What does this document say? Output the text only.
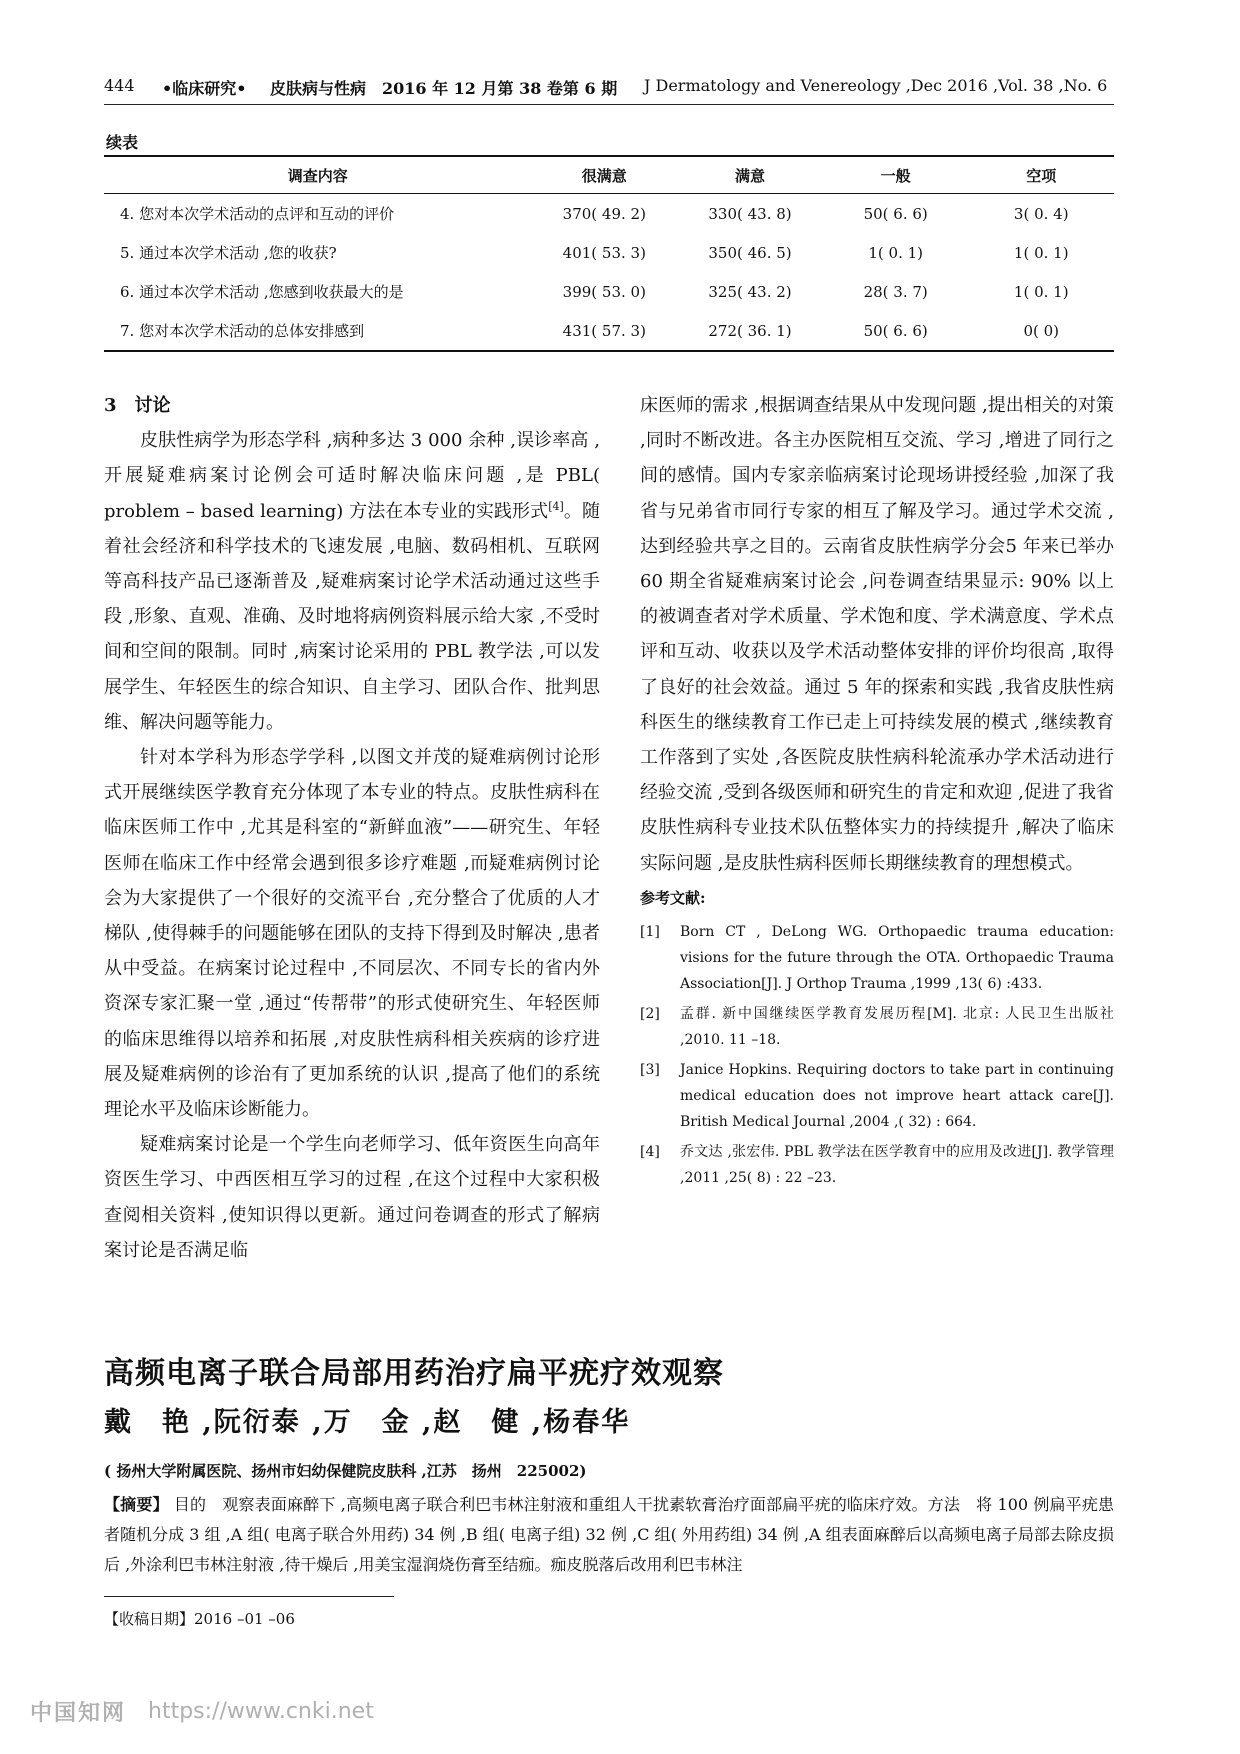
444 •临床研究• 皮肤病与性病　2016 年 12 月第 38 卷第 6 期 J Dermatology and Venereology ,Dec 2016 ,Vol. 38 ,No. 6
续表
调查内容	很满意	满意	一般	空项
4. 您对本次学术活动的点评和互动的评价	370( 49. 2)	330( 43. 8)	50( 6. 6)	3( 0. 4)
5. 通过本次学术活动 ,您的收获?	401( 53. 3)	350( 46. 5)	1( 0. 1)	1( 0. 1)
6. 通过本次学术活动 ,您感到收获最大的是	399( 53. 0)	325( 43. 2)	28( 3. 7)	1( 0. 1)
7. 您对本次学术活动的总体安排感到	431( 57. 3)	272( 36. 1)	50( 6. 6)	0( 0)

3　讨论

皮肤性病学为形态学科 ,病种多达 3 000 余种 ,误诊率高 ,开展疑难病案讨论例会可适时解决临床问题 ,是 PBL( problem – based learning) 方法在本专业的实践形式[4]。随着社会经济和科学技术的飞速发展 ,电脑、数码相机、互联网等高科技产品已逐渐普及 ,疑难病案讨论学术活动通过这些手段 ,形象、直观、准确、及时地将病例资料展示给大家 ,不受时间和空间的限制。同时 ,病案讨论采用的 PBL 教学法 ,可以发展学生、年轻医生的综合知识、自主学习、团队合作、批判思维、解决问题等能力。

针对本学科为形态学学科 ,以图文并茂的疑难病例讨论形式开展继续医学教育充分体现了本专业的特点。皮肤性病科在临床医师工作中 ,尤其是科室的“新鲜血液”——研究生、年轻医师在临床工作中经常会遇到很多诊疗难题 ,而疑难病例讨论会为大家提供了一个很好的交流平台 ,充分整合了优质的人才梯队 ,使得棘手的问题能够在团队的支持下得到及时解决 ,患者从中受益。在病案讨论过程中 ,不同层次、不同专长的省内外资深专家汇聚一堂 ,通过“传帮带”的形式使研究生、年轻医师的临床思维得以培养和拓展 ,对皮肤性病科相关疾病的诊疗进展及疑难病例的诊治有了更加系统的认识 ,提高了他们的系统理论水平及临床诊断能力。

疑难病案讨论是一个学生向老师学习、低年资医生向高年资医生学习、中西医相互学习的过程 ,在这个过程中大家积极查阅相关资料 ,使知识得以更新。通过问卷调查的形式了解病案讨论是否满足临

床医师的需求 ,根据调查结果从中发现问题 ,提出相关的对策 ,同时不断改进。各主办医院相互交流、学习 ,增进了同行之间的感情。国内专家亲临病案讨论现场讲授经验 ,加深了我省与兄弟省市同行专家的相互了解及学习。通过学术交流 ,达到经验共享之目的。云南省皮肤性病学分会5 年来已举办60 期全省疑难病案讨论会 ,问卷调查结果显示: 90% 以上的被调查者对学术质量、学术饱和度、学术满意度、学术点评和互动、收获以及学术活动整体安排的评价均很高 ,取得了良好的社会效益。通过 5 年的探索和实践 ,我省皮肤性病科医生的继续教育工作已走上可持续发展的模式 ,继续教育工作落到了实处 ,各医院皮肤性病科轮流承办学术活动进行经验交流 ,受到各级医师和研究生的肯定和欢迎 ,促进了我省皮肤性病科专业技术队伍整体实力的持续提升 ,解决了临床实际问题 ,是皮肤性病科医师长期继续教育的理想模式。

参考文献:
[1]	Born CT , DeLong WG. Orthopaedic trauma education: visions for the future through the OTA. Orthopaedic Trauma Association[J]. J Orthop Trauma ,1999 ,13( 6) :433.
[2]	孟群. 新中国继续医学教育发展历程[M]. 北京: 人民卫生出版社 ,2010. 11 –18.
[3]	Janice Hopkins. Requiring doctors to take part in continuing medical education does not improve heart attack care[J]. British Medical Journal ,2004 ,( 32) : 664.
[4]	乔文达 ,张宏伟. PBL 教学法在医学教育中的应用及改进[J]. 教学管理 ,2011 ,25( 8) : 22 –23.
高频电离子联合局部用药治疗扁平疣疗效观察
戴　艳 ,阮衍泰 ,万　金 ,赵　健 ,杨春华
( 扬州大学附属医院、扬州市妇幼保健院皮肤科 ,江苏　扬州　225002)
【摘要】 目的　观察表面麻醉下 ,高频电离子联合利巴韦林注射液和重组人干扰素软膏治疗面部扁平疣的临床疗效。方法　将 100 例扁平疣患者随机分成 3 组 ,A 组( 电离子联合外用药) 34 例 ,B 组( 电离子组) 32 例 ,C 组( 外用药组) 34 例 ,A 组表面麻醉后以高频电离子局部去除皮损后 ,外涂利巴韦林注射液 ,待干燥后 ,用美宝湿润烧伤膏至结痂。痂皮脱落后改用利巴韦林注
【收稿日期】2016 –01 –06
中国知网 https://www.cnki.net
